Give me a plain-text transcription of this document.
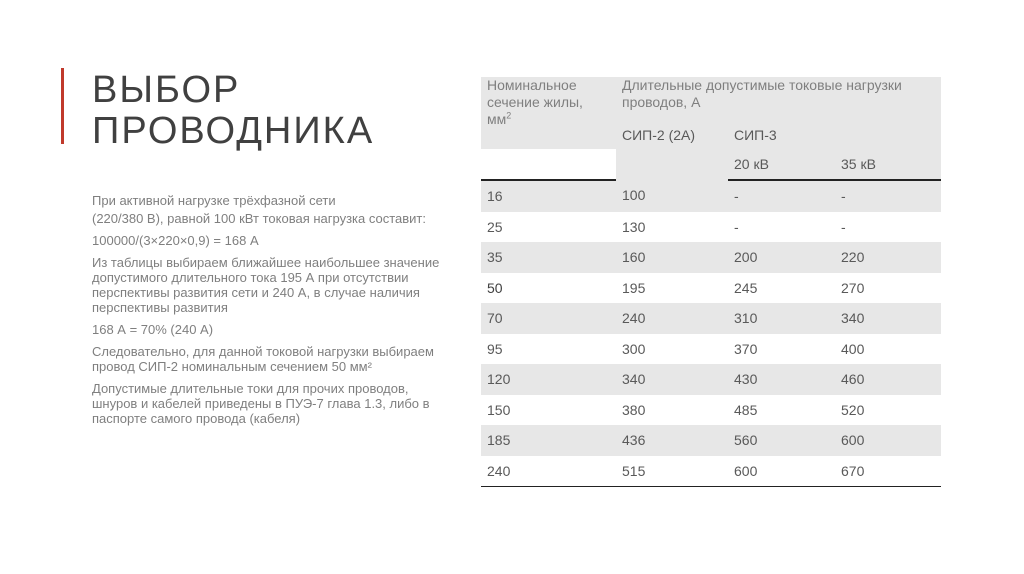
ВЫБОР
ПРОВОДНИКА

При активной нагрузке трёхфазной сети

(220/380 В), равной 100 кВт токовая нагрузка составит:

100000/(3×220×0,9) = 168 А

Из таблицы выбираем ближайшее наибольшее значение допустимого длительного тока 195 А при отсутствии перспективы развития сети и 240 А, в случае наличия перспективы развития

168 А = 70% (240 А)

Следовательно, для данной токовой нагрузки выбираем провод СИП-2 номинальным сечением 50 мм²

Допустимые длительные токи для прочих проводов, шнуров и кабелей приведены в ПУЭ-7 глава 1.3, либо в паспорте самого провода (кабеля)

Номинальное сечение жилы, $мм^2$	Длительные допустимые токовые нагрузки проводов, А		
	СИП-2 (2А)	СИП-3	
		20 кВ	35 кВ
16	100	-	-
25	130	-	-
35	160	200	220
50	195	245	270
70	240	310	340
95	300	370	400
120	340	430	460
150	380	485	520
185	436	560	600
240	515	600	670
